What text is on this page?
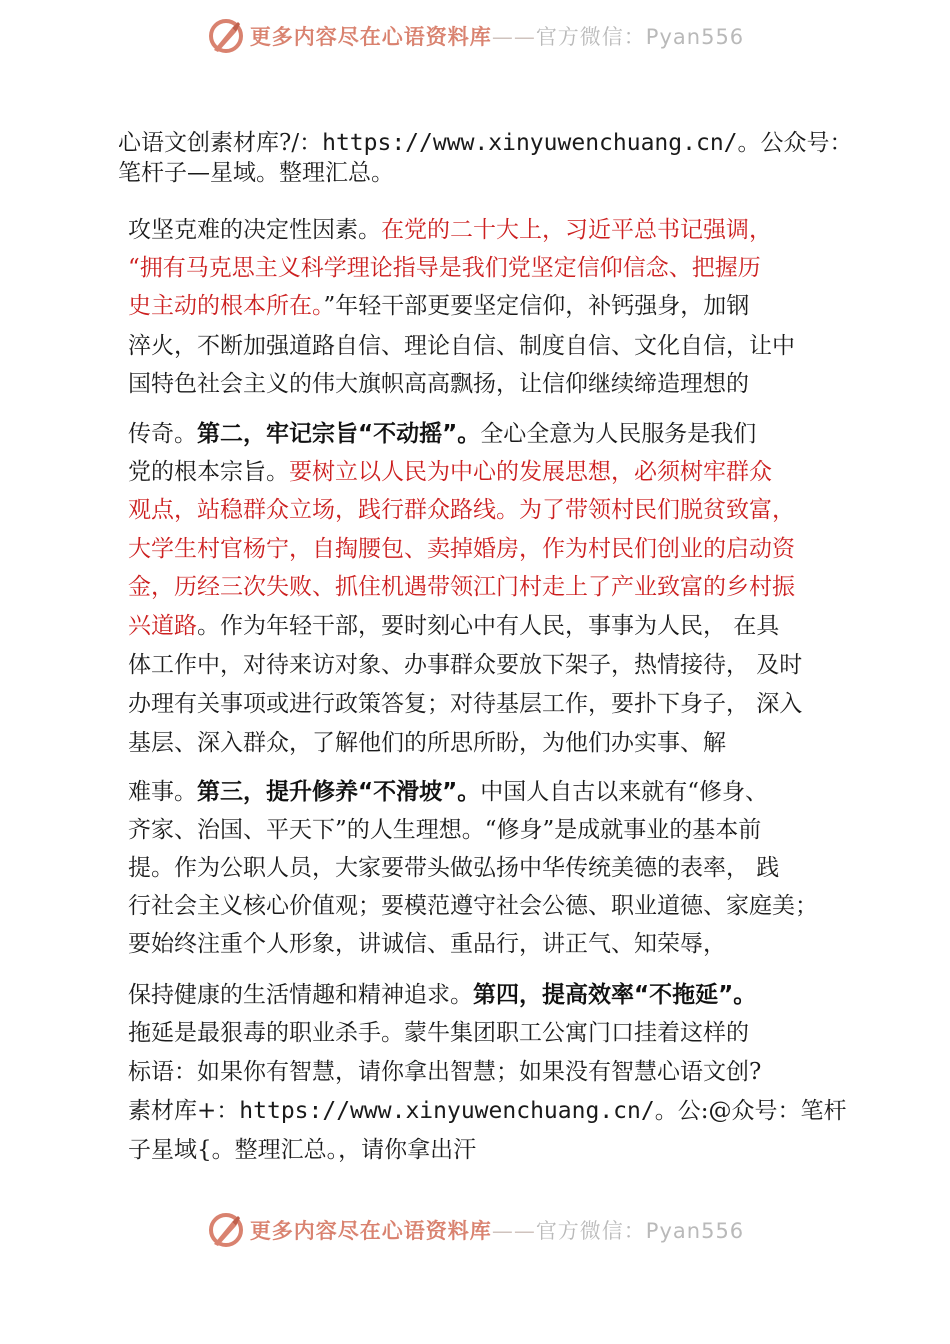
更多内容尽在心语资料库——官方微信：Pyan556
心语文创素材库?/：https://www.xinyuwenchuang.cn/。公众号：
笔杆子—星域。整理汇总。
攻坚克难的决定性因素。在党的二十大上，习近平总书记强调，
“拥有马克思主义科学理论指导是我们党坚定信仰信念、把握历
史主动的根本所在。”年轻干部更要坚定信仰，补钙强身，加钢
淬火，不断加强道路自信、理论自信、制度自信、文化自信，让中
国特色社会主义的伟大旗帜高高飘扬，让信仰继续缔造理想的
传奇。第二，牢记宗旨“不动摇”。全心全意为人民服务是我们
党的根本宗旨。要树立以人民为中心的发展思想，必须树牢群众
观点，站稳群众立场，践行群众路线。为了带领村民们脱贫致富，
大学生村官杨宁，自掏腰包、卖掉婚房，作为村民们创业的启动资
金，历经三次失败、抓住机遇带领江门村走上了产业致富的乡村振
兴道路。作为年轻干部，要时刻心中有人民，事事为人民， 在具
体工作中，对待来访对象、办事群众要放下架子，热情接待， 及时
办理有关事项或进行政策答复；对待基层工作，要扑下身子， 深入
基层、深入群众，了解他们的所思所盼，为他们办实事、解
难事。第三，提升修养“不滑坡”。中国人自古以来就有“修身、
齐家、治国、平天下”的人生理想。“修身”是成就事业的基本前
提。作为公职人员，大家要带头做弘扬中华传统美德的表率， 践
行社会主义核心价值观；要模范遵守社会公德、职业道德、家庭美；
要始终注重个人形象，讲诚信、重品行，讲正气、知荣辱，
保持健康的生活情趣和精神追求。第四，提高效率“不拖延”。
拖延是最狠毒的职业杀手。蒙牛集团职工公寓门口挂着这样的
标语：如果你有智慧，请你拿出智慧；如果没有智慧心语文创?
素材库+：https://www.xinyuwenchuang.cn/。公:@众号：笔杆
子星域{。整理汇总。，请你拿出汗
更多内容尽在心语资料库——官方微信：Pyan556
